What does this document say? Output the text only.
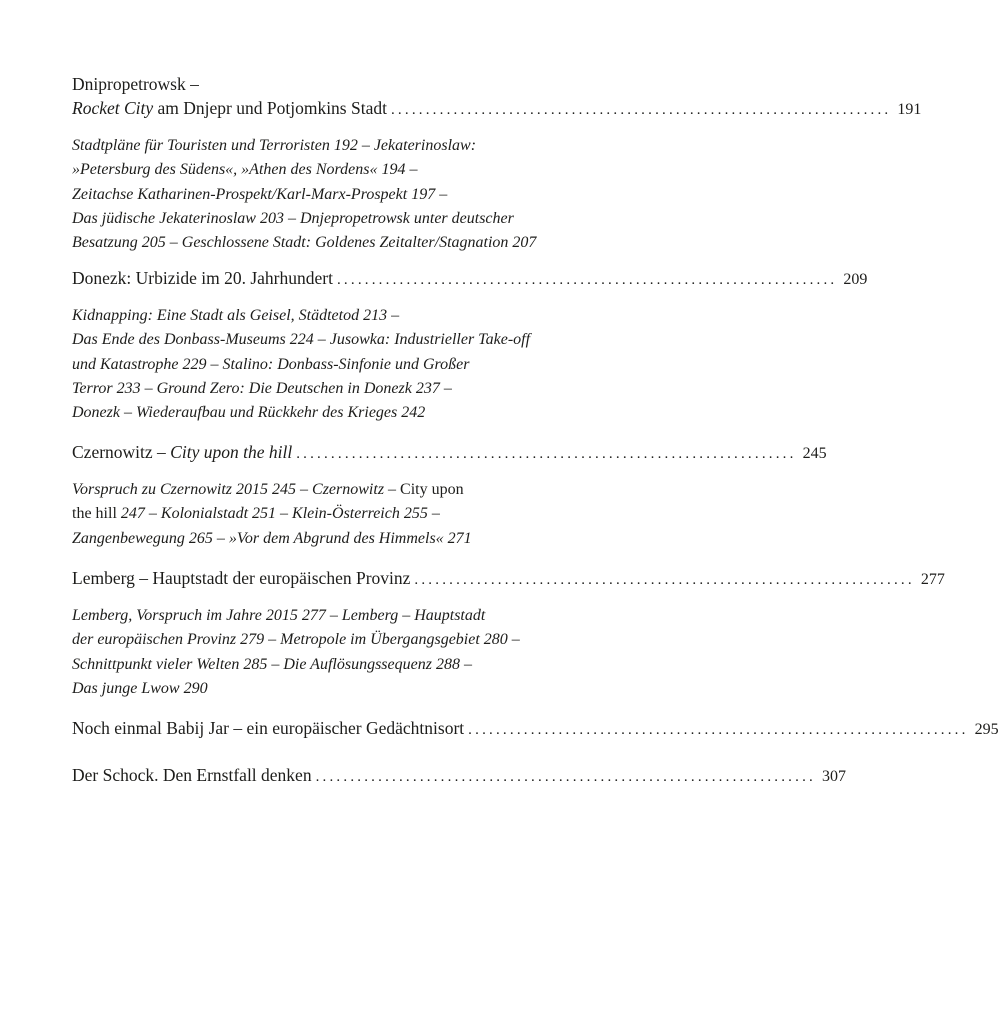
Dnipropetrowsk –
Rocket City am Dnjepr und Potjomkins Stadt ........................................................................ 191
Stadtpläne für Touristen und Terroristen 192 – Jekaterinoslaw:
»Petersburg des Südens«, »Athen des Nordens« 194 –
Zeitachse Katharinen-Prospekt/Karl-Marx-Prospekt 197 –
Das jüdische Jekaterinoslaw 203 – Dnjepropetrowsk unter deutscher
Besatzung 205 – Geschlossene Stadt: Goldenes Zeitalter/Stagnation 207
Donezk: Urbizide im 20. Jahrhundert ........................................................................ 209
Kidnapping: Eine Stadt als Geisel, Städtetod 213 –
Das Ende des Donbass-Museums 224 – Jusowka: Industrieller Take-off
und Katastrophe 229 – Stalino: Donbass-Sinfonie und Großer
Terror 233 – Ground Zero: Die Deutschen in Donezk 237 –
Donezk – Wiederaufbau und Rückkehr des Krieges 242
Czernowitz – City upon the hill ........................................................................ 245
Vorspruch zu Czernowitz 2015 245 – Czernowitz – City upon
the hill 247 – Kolonialstadt 251 – Klein-Österreich 255 –
Zangenbewegung 265 – »Vor dem Abgrund des Himmels« 271
Lemberg – Hauptstadt der europäischen Provinz ........................................................................ 277
Lemberg, Vorspruch im Jahre 2015 277 – Lemberg – Hauptstadt
der europäischen Provinz 279 – Metropole im Übergangsgebiet 280 –
Schnittpunkt vieler Welten 285 – Die Auflösungssequenz 288 –
Das junge Lwow 290
Noch einmal Babij Jar – ein europäischer Gedächtnisort ........................................................................ 295
Der Schock. Den Ernstfall denken ........................................................................ 307
